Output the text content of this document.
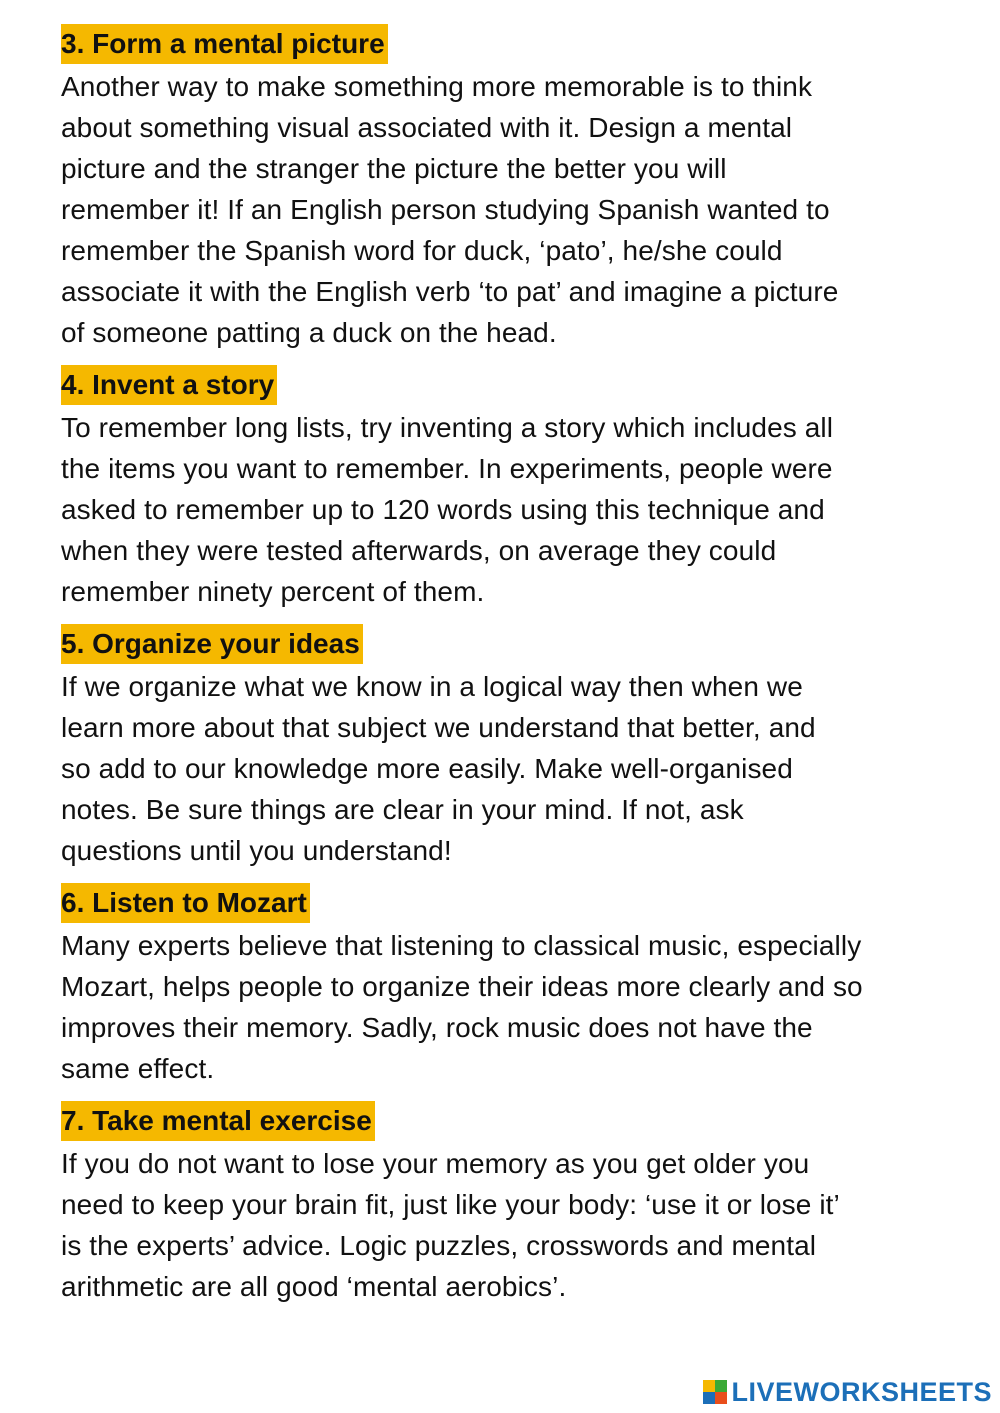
3. Form a mental picture

Another way to make something more memorable is to think
about something visual associated with it. Design a mental
picture and the stranger the picture the better you will
remember it! If an English person studying Spanish wanted to
remember the Spanish word for duck, ‘pato’, he/she could
associate it with the English verb ‘to pat’ and imagine a picture
of someone patting a duck on the head.

4. Invent a story

To remember long lists, try inventing a story which includes all
the items you want to remember. In experiments, people were
asked to remember up to 120 words using this technique and
when they were tested afterwards, on average they could
remember ninety percent of them.

5. Organize your ideas

If we organize what we know in a logical way then when we
learn more about that subject we understand that better, and
so add to our knowledge more easily. Make well-organised
notes. Be sure things are clear in your mind. If not, ask
questions until you understand!

6. Listen to Mozart

Many experts believe that listening to classical music, especially
Mozart, helps people to organize their ideas more clearly and so
improves their memory. Sadly, rock music does not have the
same effect.

7. Take mental exercise

If you do not want to lose your memory as you get older you
need to keep your brain fit, just like your body: ‘use it or lose it’
is the experts’ advice. Logic puzzles, crosswords and mental
arithmetic are all good ‘mental aerobics’.

LIVEWORKSHEETS
